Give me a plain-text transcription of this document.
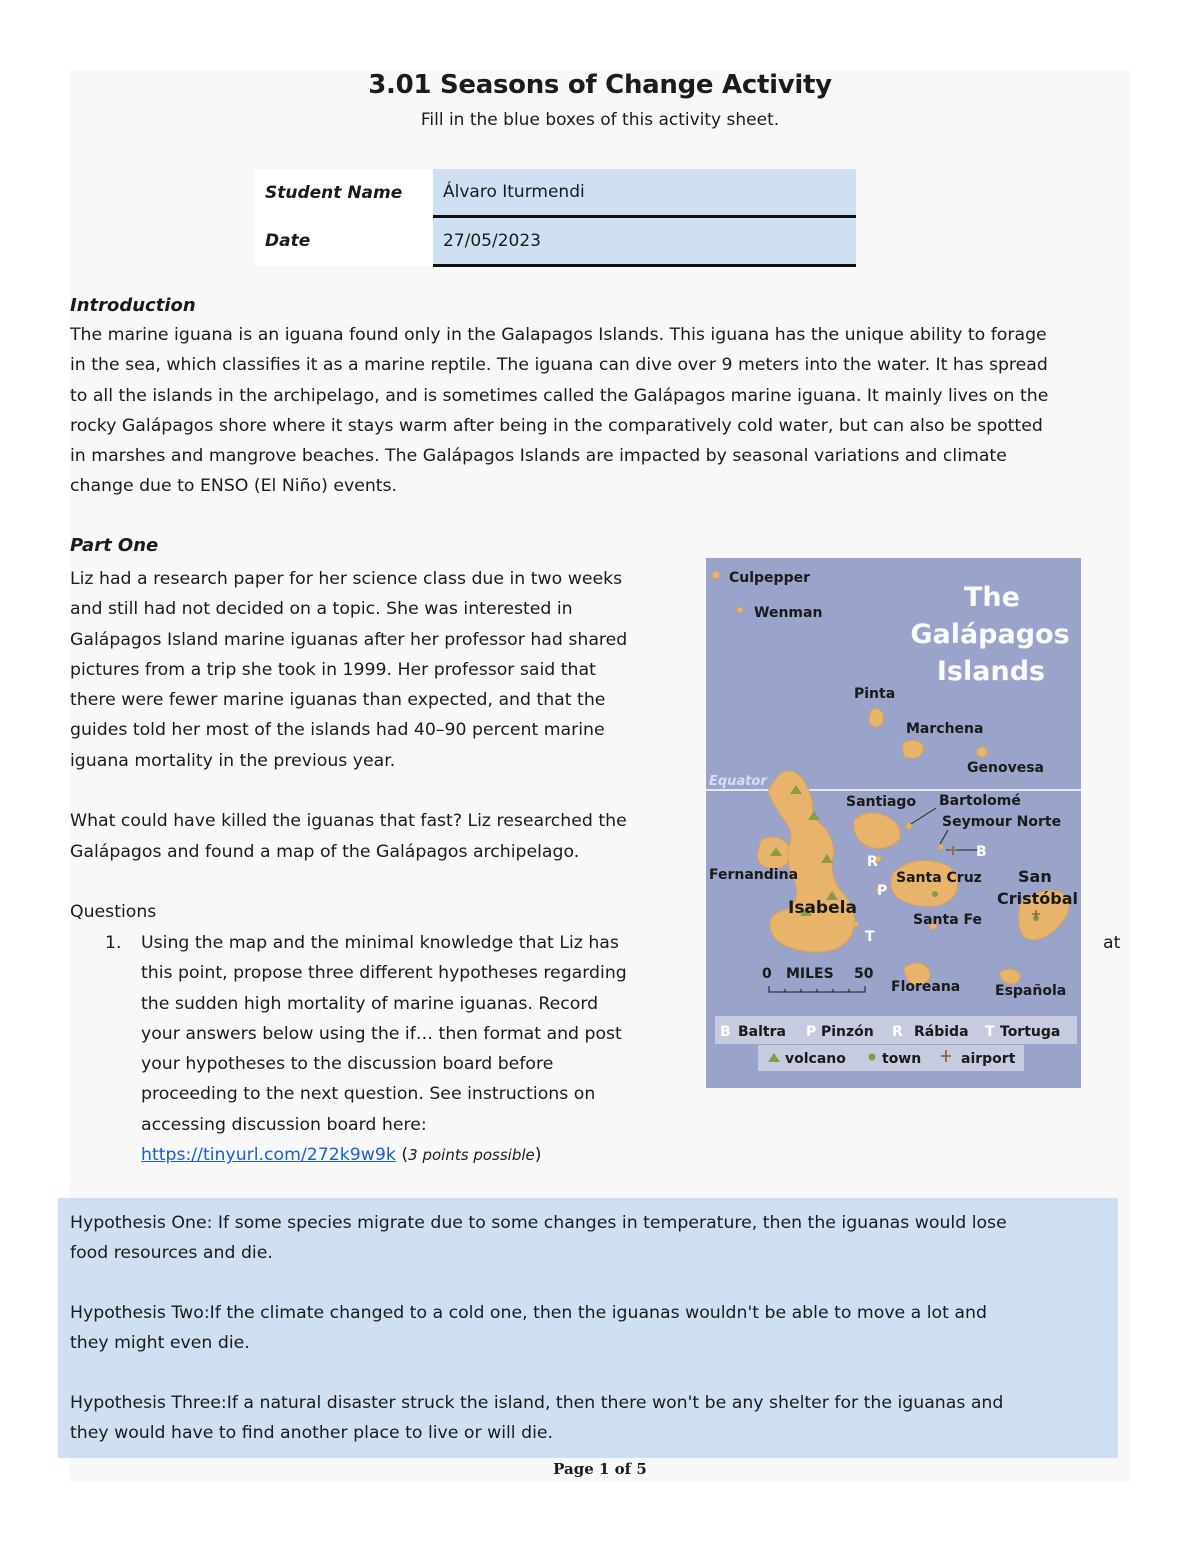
3.01 Seasons of Change Activity
Fill in the blue boxes of this activity sheet.
Student Name	Álvaro Iturmendi
Date	27/05/2023
Introduction
The marine iguana is an iguana found only in the Galapagos Islands. This iguana has the unique ability to forage
in the sea, which classifies it as a marine reptile. The iguana can dive over 9 meters into the water. It has spread
to all the islands in the archipelago, and is sometimes called the Galápagos marine iguana. It mainly lives on the
rocky Galápagos shore where it stays warm after being in the comparatively cold water, but can also be spotted
in marshes and mangrove beaches. The Galápagos Islands are impacted by seasonal variations and climate
change due to ENSO (El Niño) events.
Part One
Liz had a research paper for her science class due in two weeks
and still had not decided on a topic. She was interested in
Galápagos Island marine iguanas after her professor had shared
pictures from a trip she took in 1999. Her professor said that
there were fewer marine iguanas than expected, and that the
guides told her most of the islands had 40–90 percent marine
iguana mortality in the previous year.
What could have killed the iguanas that fast? Liz researched the
Galápagos and found a map of the Galápagos archipelago.
Questions
1.	at
Using the map and the minimal knowledge that Liz has
this point, propose three different hypotheses regarding
the sudden high mortality of marine iguanas. Record
your answers below using the if… then format and post
your hypotheses to the discussion board before
proceeding to the next question. See instructions on
accessing discussion board here:
https://tinyurl.com/272k9w9k (3 points possible)
Equator
The
Galápagos
Islands
Culpepper
Wenman
Pinta
Marchena
Genovesa
Santiago Bartolomé
Seymour Norte
Fernandina
Isabela
Santa Cruz San
Cristóbal
Santa Fe
Floreana Española
R
P
T
B
0 MILES 50
B Baltra P Pinzón R Rábida T Tortuga
volcano	town	airport

Hypothesis One: If some species migrate due to some changes in temperature, then the iguanas would lose
food resources and die.

Hypothesis Two:If the climate changed to a cold one, then the iguanas wouldn't be able to move a lot and
they might even die.

Hypothesis Three:If a natural disaster struck the island, then there won't be any shelter for the iguanas and
they would have to find another place to live or will die.

Page 1 of 5
